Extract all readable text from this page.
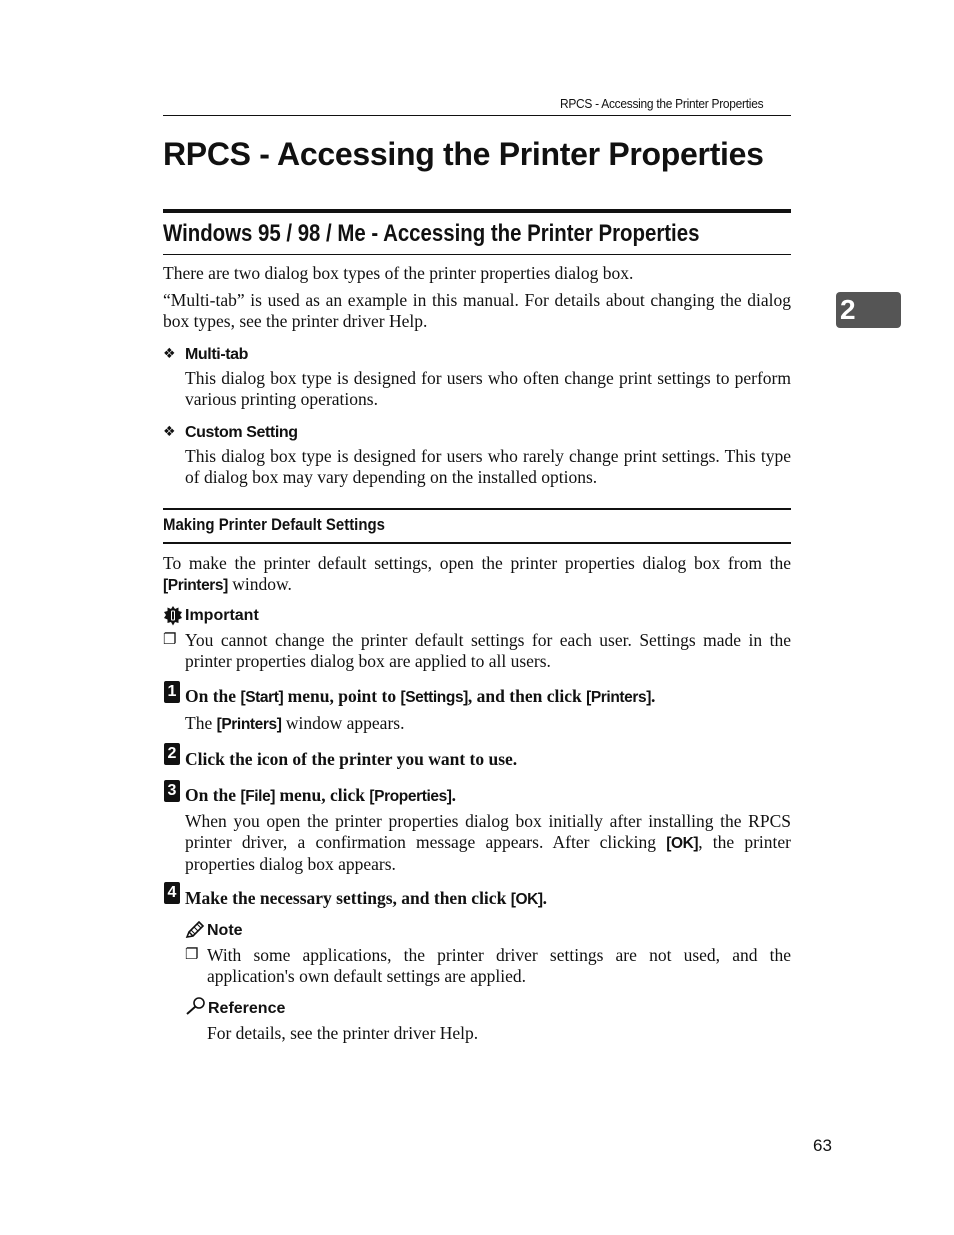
RPCS - Accessing the Printer Properties
RPCS - Accessing the Printer Properties
Windows 95 / 98 / Me - Accessing the Printer Properties
There are two dialog box types of the printer properties dialog box.
“Multi-tab” is used as an example in this manual. For details about changing the dialog box types, see the printer driver Help.
❖ Multi-tab
This dialog box type is designed for users who often change print settings to perform various printing operations.
❖ Custom Setting
This dialog box type is designed for users who rarely change print settings. This type of dialog box may vary depending on the installed options.
Making Printer Default Settings
To make the printer default settings, open the printer properties dialog box from the [Printers] window.
Important
❐ You cannot change the printer default settings for each user. Settings made in the printer properties dialog box are applied to all users.
1 On the [Start] menu, point to [Settings], and then click [Printers].
The [Printers] window appears.
2 Click the icon of the printer you want to use.
3 On the [File] menu, click [Properties].
When you open the printer properties dialog box initially after installing the RPCS printer driver, a confirmation message appears. After clicking [OK], the printer properties dialog box appears.
4 Make the necessary settings, and then click [OK].
Note
❐ With some applications, the printer driver settings are not used, and the application's own default settings are applied.
Reference
For details, see the printer driver Help.
2
63
